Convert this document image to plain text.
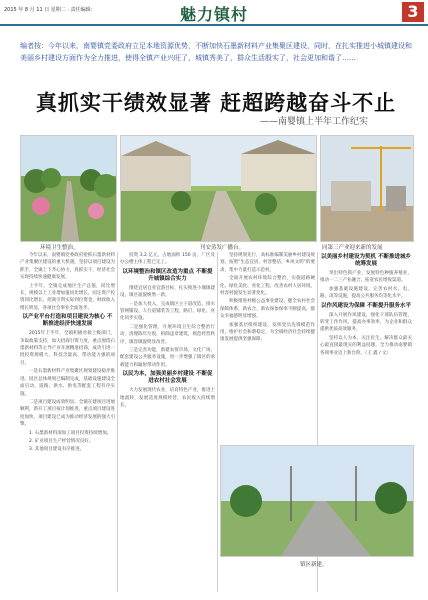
2015 年 8 月 11 日 星期二 · 责任编辑：	魅力镇村	3
编者按：今年以来，南婴镇党委政府立足本地资源优势，不断加快石墨新材料产业集聚区建设，同时，在扎实推进小城镇建设和美丽乡村建设方面作为全力推进，使得全镇产业兴旺了，城镇秀美了，群众生活殷实了，社会更加和谐了……
真抓实干绩效显著 赶超跨越奋斗不止
——南婴镇上半年工作纪实
环境卫生整治。	刊安蒸发广播台。	同第三产业迎来新的发展

今年以来，南婴镇党委政府抢抓石墨新材料产业集聚区建设的重大机遇，坚持以项目建设为抓手，全镇上下齐心协力，真抓实干，经济社会实现持续快速健康发展。

上半年，全镇完成地区生产总值，同比增长，规模以上工业增加值同比增长，固定资产投资同比增长，招商引资实际到位资金，财政收入增长明显，各项社会事业全面进步。

以产业平台打造和项目建设为核心 不断推进经济快速发展

2015年上半年，全镇积极对接上级部门，争取政策支持，加大招商引资力度，重点围绕石墨新材料等主导产业开展精准招商，成功引进一批投资规模大、科技含量高、带动能力强的项目。

一是石墨新材料产业集聚区规划建设稳步推进。园区总体规划已编制完成，基础设施建设全面启动，道路、供水、供电等配套工程有序实施。

二是项目建设成效明显。全镇在建项目进展顺利，新开工项目按计划推进，重点项目建设进度加快，项目建设已成为推动经济发展的强大引擎。

1. 石墨新材料深加工项目投资持续增加。

2. 矿业项目生产经营情况良好。

3. 其他项目建设有序推进。

投资 3.2 亿元，占地面积 150 亩，厂区及办公楼主体工程已完工。

以环境整治和镇区改造为重点 不断提升城镇综合实力

围绕宜居宜业宜游目标，扎实推进小城镇建设，镇区面貌焕然一新。

一是加大投入，完成镇区主干道改造、排水管网铺设、人行道铺装等工程，路灯、绿化、亮化同步实施。

二是强化管理，开展环境卫生综合整治行动，清理陈年垃圾，拆除违章建筑，规范经营秩序，镇容镇貌明显改善。

三是完善功能，新建农贸市场、文化广场，配套建设公共服务设施，进一步增强了镇区的承载能力和辐射带动作用。

以民为本，加强美丽乡村建设 不断促进农村社会发展

大力发展现代农业，培育特色产业，推进土地流转，发展适度规模经营，农民收入持续增长。

坚持规划先行，高标准编制美丽乡村建设规划，按照“生态宜居、村容整洁、乡风文明”的要求，集中力量打造示范村。

全面开展农村环境综合整治，实施道路硬化、绿化美化、亮化工程，改善农村人居环境，村容村貌发生显著变化。

积极推进村级公益事业建设，健全农村社会保障体系，新农合、新农保参保率不断提高，群众幸福感明显增强。

加强基层组织建设，发挥党员先锋模范作用，维护社会和谐稳定，为全镇经济社会持续健康发展提供坚强保障。

以美丽乡村建设为契机 不断推进城乡统筹发展

突出特色抓产业，发展特色种植养殖业，推动一二三产业融合，拓宽农民增收渠道。

加强基础设施建设，完善农村水、电、路、讯等设施，提高公共服务均等化水平。

以作风建设为保障 不断提升服务水平

深入开展作风建设，强化干部队伍管理，转变工作作风，提高办事效率，为企业和群众提供优质高效服务。

坚持以人为本，关注民生，解决群众最关心最直接最现实的利益问题，全力推动南婴镇各项事业迈上新台阶。（王 鑫 / 文）

镇区新建。
